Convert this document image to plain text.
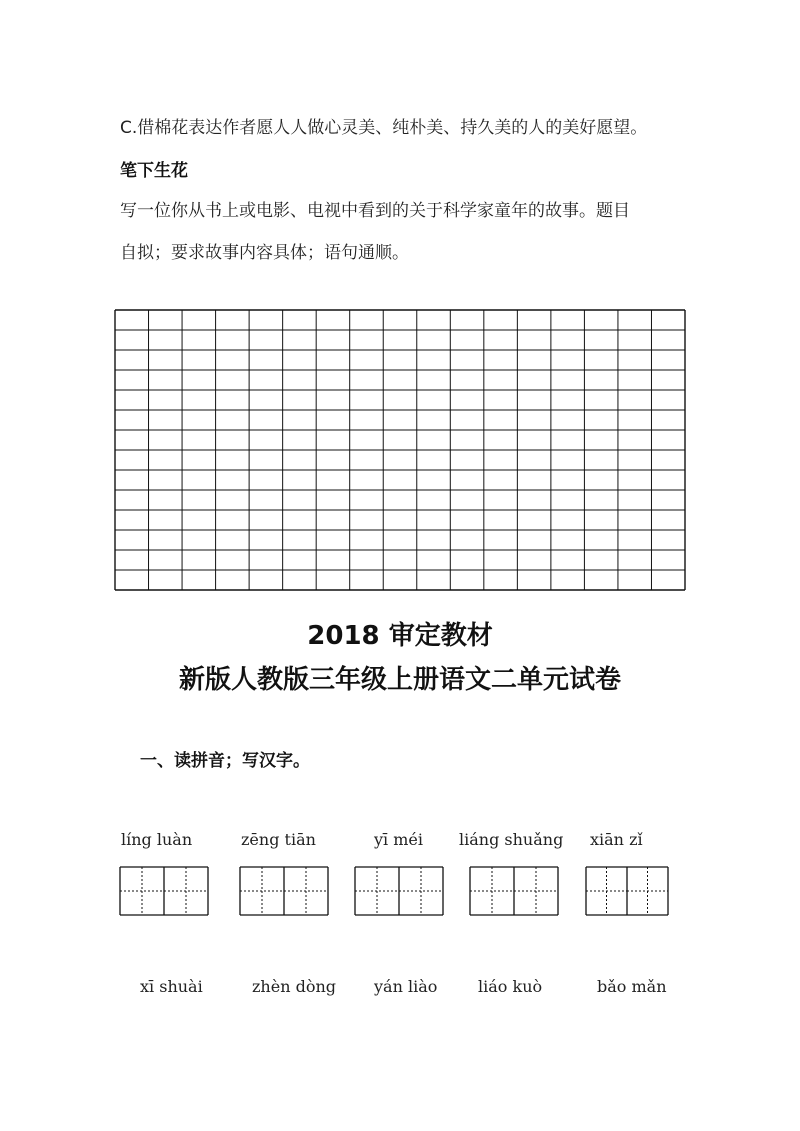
C.借棉花表达作者愿人人做心灵美、纯朴美、持久美的人的美好愿望。
笔下生花
写一位你从书上或电影、电视中看到的关于科学家童年的故事。题目
自拟；要求故事内容具体；语句通顺。
2018 审定教材
新版人教版三年级上册语文二单元试卷
一、读拼音；写汉字。
líng luàn	zēng tiān	yī méi liáng shuǎng xiān zǐ
xī shuài	zhèn dòng yán liào	liáo kuò	bǎo mǎn
